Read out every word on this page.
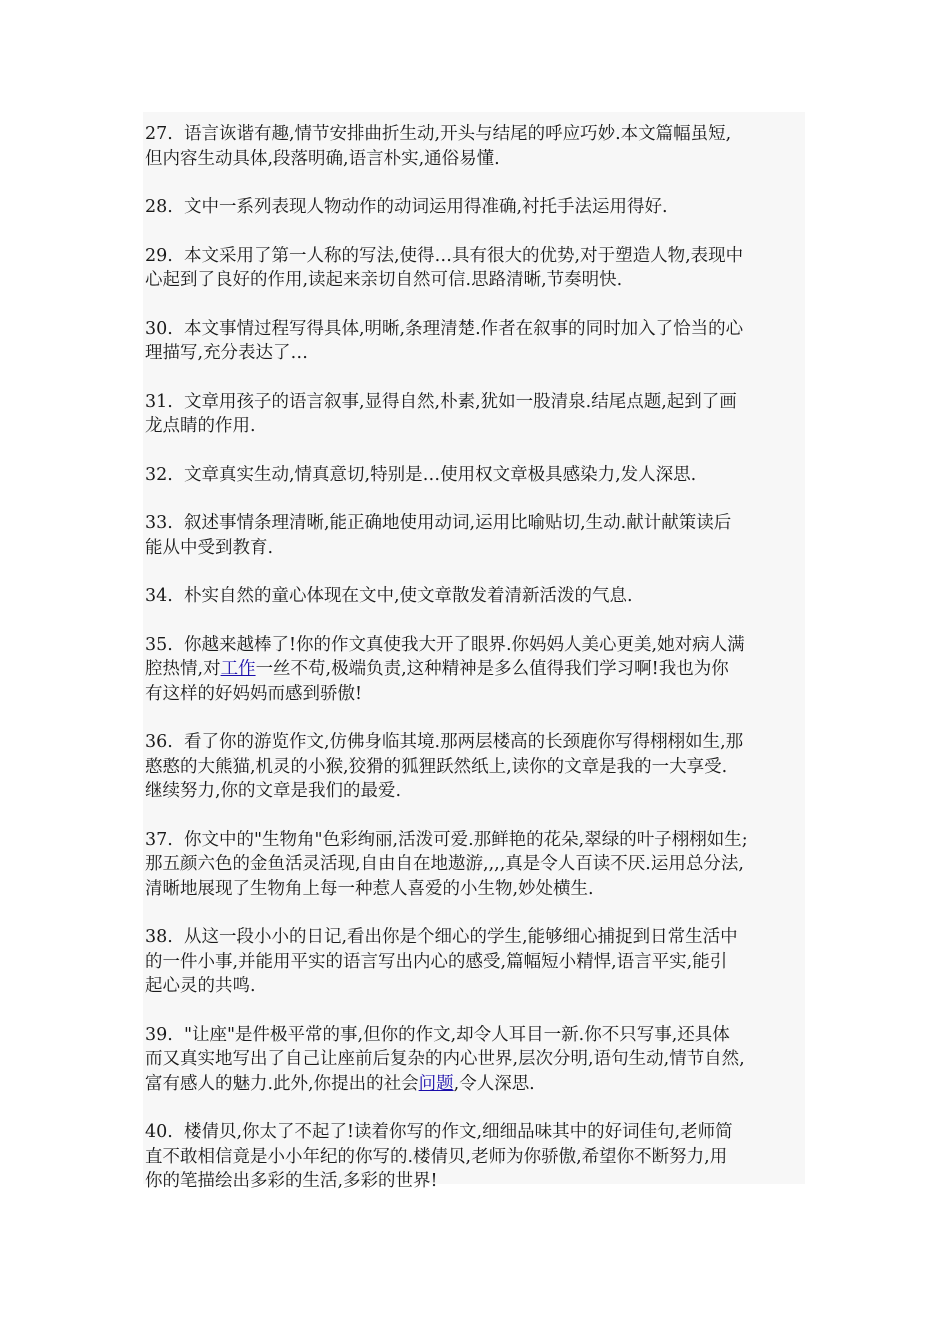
27.  语言诙谐有趣,情节安排曲折生动,开头与结尾的呼应巧妙.本文篇幅虽短,
但内容生动具体,段落明确,语言朴实,通俗易懂.

28.  文中一系列表现人物动作的动词运用得准确,衬托手法运用得好.

29.  本文采用了第一人称的写法,使得…具有很大的优势,对于塑造人物,表现中
心起到了良好的作用,读起来亲切自然可信.思路清晰,节奏明快.

30.  本文事情过程写得具体,明晰,条理清楚.作者在叙事的同时加入了恰当的心
理描写,充分表达了…

31.  文章用孩子的语言叙事,显得自然,朴素,犹如一股清泉.结尾点题,起到了画
龙点睛的作用.

32.  文章真实生动,情真意切,特别是…使用权文章极具感染力,发人深思.

33.  叙述事情条理清晰,能正确地使用动词,运用比喻贴切,生动.献计献策读后
能从中受到教育.

34.  朴实自然的童心体现在文中,使文章散发着清新活泼的气息.

35.  你越来越棒了!你的作文真使我大开了眼界.你妈妈人美心更美,她对病人满
腔热情,对工作一丝不苟,极端负责,这种精神是多么值得我们学习啊!我也为你
有这样的好妈妈而感到骄傲!

36.  看了你的游览作文,仿佛身临其境.那两层楼高的长颈鹿你写得栩栩如生,那
憨憨的大熊猫,机灵的小猴,狡猾的狐狸跃然纸上,读你的文章是我的一大享受.
继续努力,你的文章是我们的最爱.

37.  你文中的"生物角"色彩绚丽,活泼可爱.那鲜艳的花朵,翠绿的叶子栩栩如生;
那五颜六色的金鱼活灵活现,自由自在地遨游,,,,真是令人百读不厌.运用总分法,
清晰地展现了生物角上每一种惹人喜爱的小生物,妙处横生.

38.  从这一段小小的日记,看出你是个细心的学生,能够细心捕捉到日常生活中
的一件小事,并能用平实的语言写出内心的感受,篇幅短小精悍,语言平实,能引
起心灵的共鸣.

39.  "让座"是件极平常的事,但你的作文,却令人耳目一新.你不只写事,还具体
而又真实地写出了自己让座前后复杂的内心世界,层次分明,语句生动,情节自然,
富有感人的魅力.此外,你提出的社会问题,令人深思.

40.  楼倩贝,你太了不起了!读着你写的作文,细细品味其中的好词佳句,老师简
直不敢相信竟是小小年纪的你写的.楼倩贝,老师为你骄傲,希望你不断努力,用
你的笔描绘出多彩的生活,多彩的世界!
